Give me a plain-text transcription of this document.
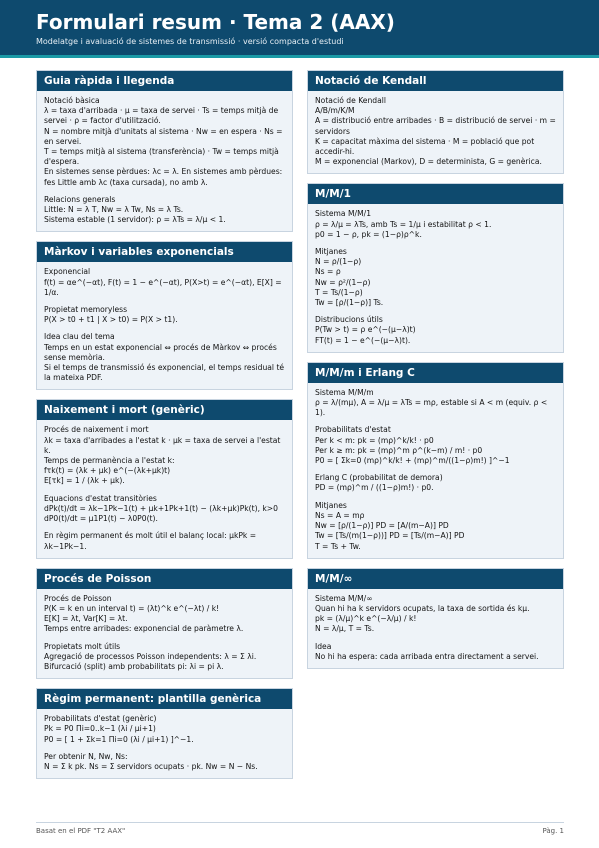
Formulari resum · Tema 2 (AAX)
Modelatge i avaluació de sistemes de transmissió · versió compacta d'estudi
Guia ràpida i llegenda
Notació bàsica
λ = taxa d'arribada · μ = taxa de servei · Ts = temps mitjà de servei · ρ = factor d'utilització.
N = nombre mitjà d'unitats al sistema · Nw = en espera · Ns = en servei.
T = temps mitjà al sistema (transferència) · Tw = temps mitjà d'espera.
En sistemes sense pèrdues: λc = λ. En sistemes amb pèrdues: fes Little amb λc (taxa cursada), no amb λ.
Relacions generals
Little: N = λ T, Nw = λ Tw, Ns = λ Ts.
Sistema estable (1 servidor): ρ = λTs = λ/μ < 1.
Màrkov i variables exponencials
Exponencial
f(t) = αe^(−αt), F(t) = 1 − e^(−αt), P(X>t) = e^(−αt), E[X] = 1/α.
Propietat memoryless
P(X > t0 + t1 | X > t0) = P(X > t1).
Idea clau del tema
Temps en un estat exponencial ⇔ procés de Màrkov ⇔ procés sense memòria.
Si el temps de transmissió és exponencial, el temps residual té la mateixa PDF.
Naixement i mort (genèric)
Procés de naixement i mort
λk = taxa d'arribades a l'estat k · μk = taxa de servei a l'estat k.
Temps de permanència a l'estat k:
fτk(t) = (λk + μk) e^(−(λk+μk)t)
E[τk] = 1 / (λk + μk).
Equacions d'estat transitòries
dPk(t)/dt = λk−1Pk−1(t) + μk+1Pk+1(t) − (λk+μk)Pk(t), k>0
dP0(t)/dt = μ1P1(t) − λ0P0(t).
En règim permanent és molt útil el balanç local: μkPk = λk−1Pk−1.
Procés de Poisson
Procés de Poisson
P(K = k en un interval t) = (λt)^k e^(−λt) / k!
E[K] = λt, Var[K] = λt.
Temps entre arribades: exponencial de paràmetre λ.
Propietats molt útils
Agregació de processos Poisson independents: λ = Σ λi.
Bifurcació (split) amb probabilitats pi: λi = pi λ.
Règim permanent: plantilla genèrica
Probabilitats d'estat (genèric)
Pk = P0 Πi=0..k−1 (λi / μi+1)
P0 = [ 1 + Σk=1 Πi=0 (λi / μi+1) ]^−1.
Per obtenir N, Nw, Ns:
N = Σ k pk. Ns = Σ servidors ocupats · pk. Nw = N − Ns.
Notació de Kendall
Notació de Kendall
A/B/m/K/M
A = distribució entre arribades · B = distribució de servei · m = servidors
K = capacitat màxima del sistema · M = població que pot accedir-hi.
M = exponencial (Markov), D = determinista, G = genèrica.
M/M/1
Sistema M/M/1
ρ = λ/μ = λTs, amb Ts = 1/μ i estabilitat ρ < 1.
p0 = 1 − ρ, pk = (1−ρ)ρ^k.
Mitjanes
N = ρ/(1−ρ)
Ns = ρ
Nw = ρ²/(1−ρ)
T = Ts/(1−ρ)
Tw = [ρ/(1−ρ)] Ts.
Distribucions útils
P(Tw > t) = ρ e^(−(μ−λ)t)
FT(t) = 1 − e^(−(μ−λ)t).
M/M/m i Erlang C
Sistema M/M/m
ρ = λ/(mμ), A = λ/μ = λTs = mρ, estable si A < m (equiv. ρ < 1).
Probabilitats d'estat
Per k < m: pk = (mρ)^k/k! · p0
Per k ≥ m: pk = (mρ)^m ρ^(k−m) / m! · p0
P0 = [ Σk=0 (mρ)^k/k! + (mρ)^m/((1−ρ)m!) ]^−1
Erlang C (probabilitat de demora)
PD = (mρ)^m / ((1−ρ)m!) · p0.
Mitjanes
Ns = A = mρ
Nw = [ρ/(1−ρ)] PD = [A/(m−A)] PD
Tw = [Ts/(m(1−ρ))] PD = [Ts/(m−A)] PD
T = Ts + Tw.
M/M/∞
Sistema M/M/∞
Quan hi ha k servidors ocupats, la taxa de sortida és kμ.
pk = (λ/μ)^k e^(−λ/μ) / k!
N = λ/μ, T = Ts.
Idea
No hi ha espera: cada arribada entra directament a servei.
Basat en el PDF "T2 AAX"	Pàg. 1
